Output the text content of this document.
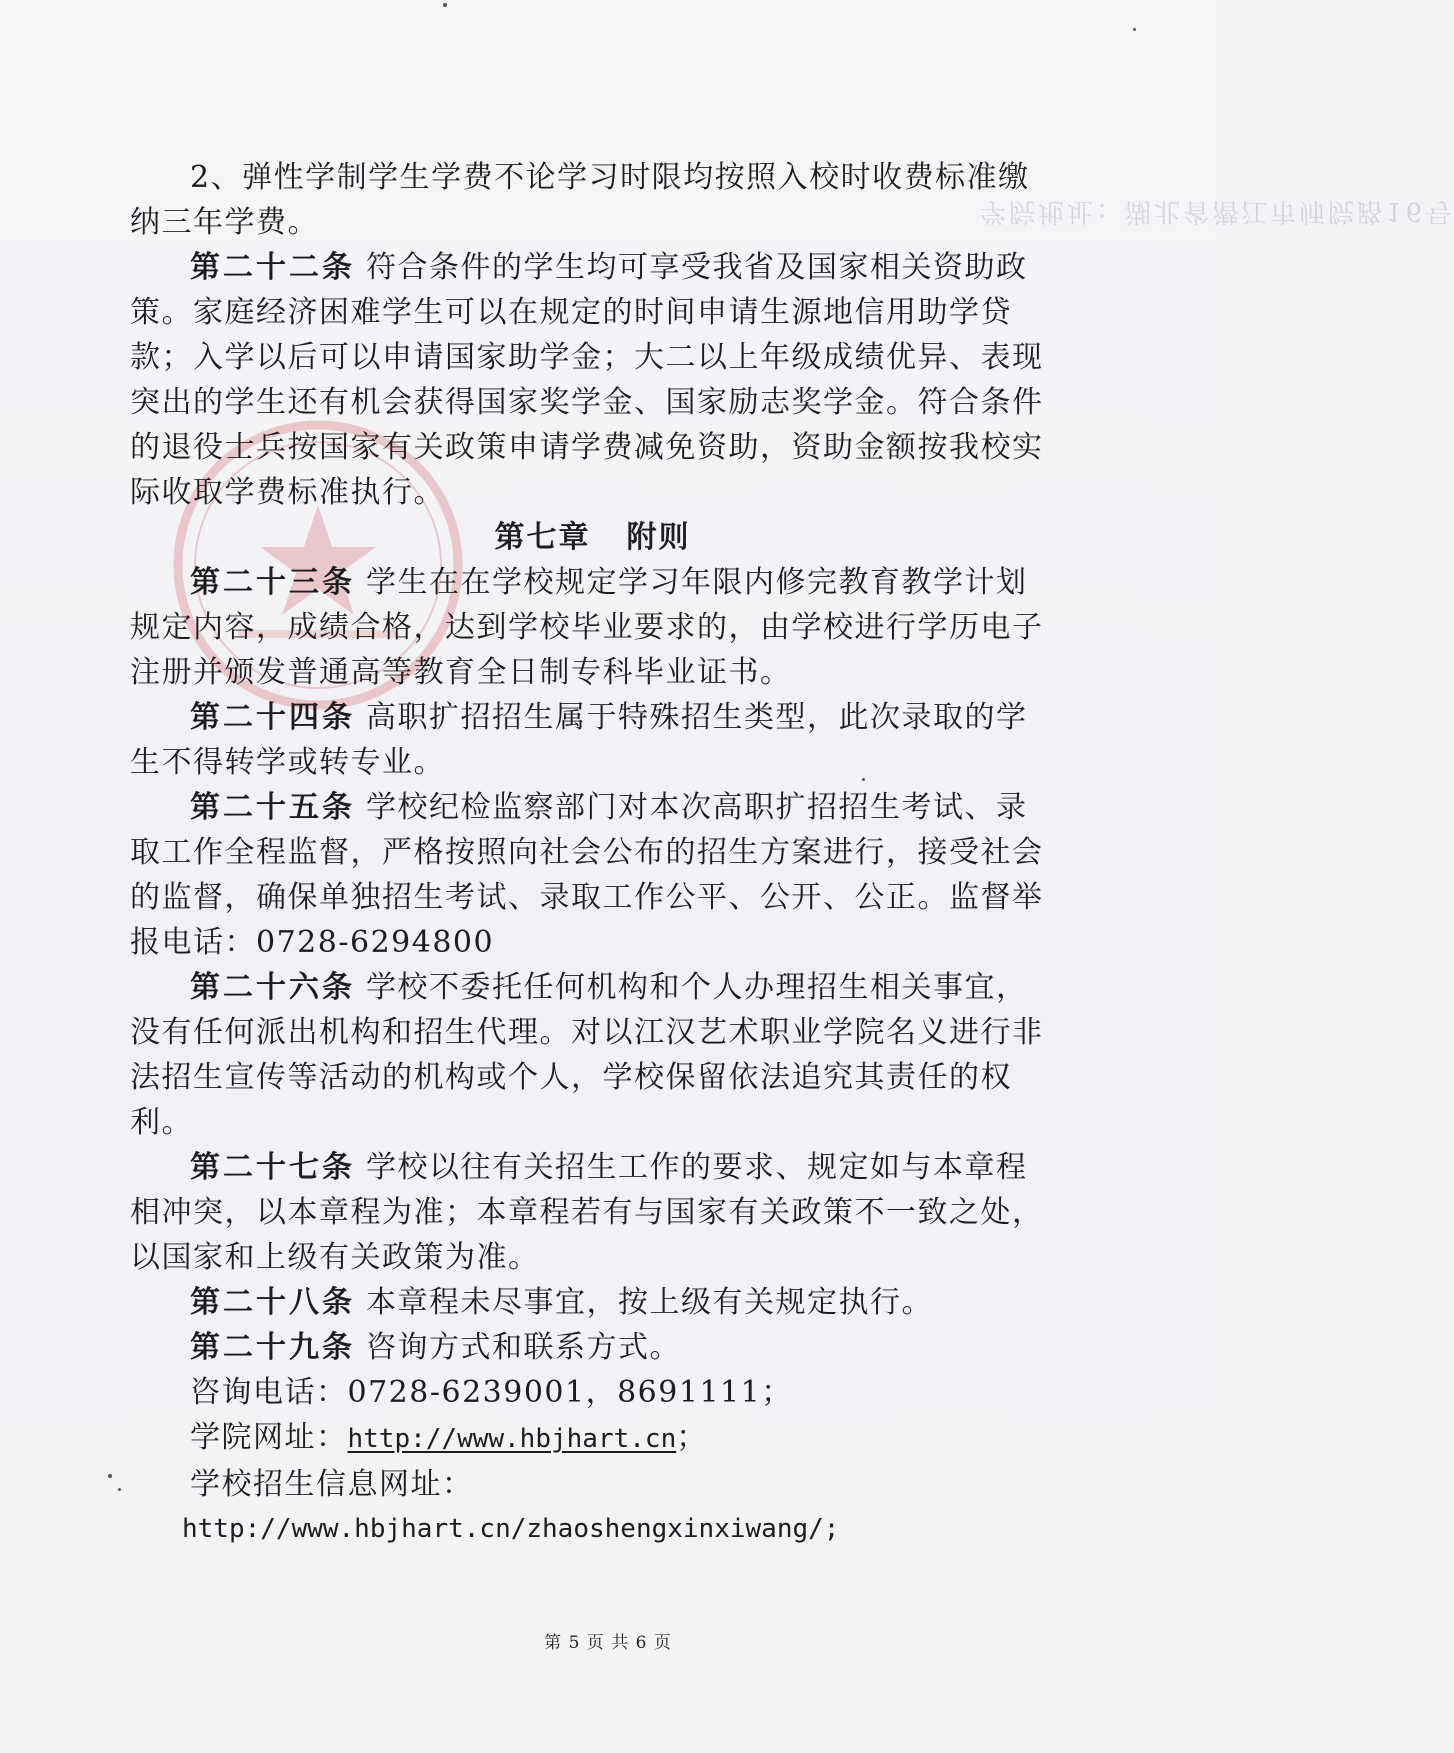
学院地址：湖北省潜江市师院路16号

2、弹性学制学生学费不论学习时限均按照入校时收费标准缴纳三年学费。

第二十二条 符合条件的学生均可享受我省及国家相关资助政策。家庭经济困难学生可以在规定的时间申请生源地信用助学贷款；入学以后可以申请国家助学金；大二以上年级成绩优异、表现突出的学生还有机会获得国家奖学金、国家励志奖学金。符合条件的退役士兵按国家有关政策申请学费减免资助，资助金额按我校实际收取学费标准执行。

第七章 附则

第二十三条 学生在在学校规定学习年限内修完教育教学计划规定内容，成绩合格，达到学校毕业要求的，由学校进行学历电子注册并颁发普通高等教育全日制专科毕业证书。

第二十四条 高职扩招招生属于特殊招生类型，此次录取的学生不得转学或转专业。

第二十五条 学校纪检监察部门对本次高职扩招招生考试、录取工作全程监督，严格按照向社会公布的招生方案进行，接受社会的监督，确保单独招生考试、录取工作公平、公开、公正。监督举报电话：0728-6294800

第二十六条 学校不委托任何机构和个人办理招生相关事宜，没有任何派出机构和招生代理。对以江汉艺术职业学院名义进行非法招生宣传等活动的机构或个人，学校保留依法追究其责任的权利。

第二十七条 学校以往有关招生工作的要求、规定如与本章程相冲突，以本章程为准；本章程若有与国家有关政策不一致之处，以国家和上级有关政策为准。

第二十八条 本章程未尽事宜，按上级有关规定执行。

第二十九条 咨询方式和联系方式。

咨询电话：0728-6239001，8691111；

学院网址：http://www.hbjhart.cn；

学校招生信息网址：

http://www.hbjhart.cn/zhaoshengxinxiwang/;

第 5 页 共 6 页
